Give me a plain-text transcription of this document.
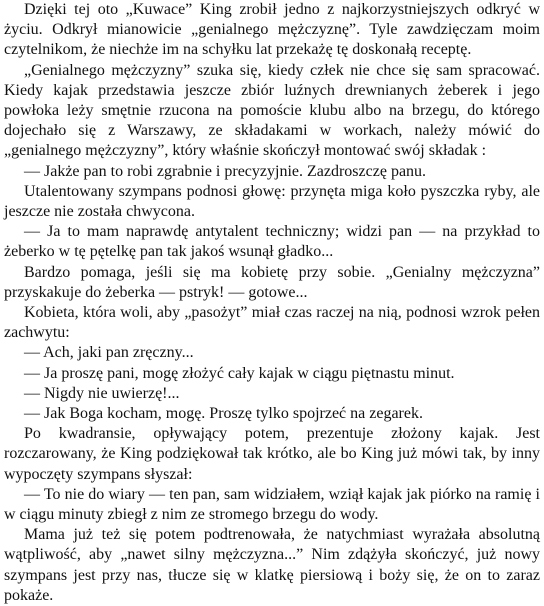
Dzięki tej oto „Kuwace” King zrobił jedno z najkorzystniejszych odkryć w życiu. Odkrył mianowicie „genialnego mężczyznę”. Tyle zawdzięczam moim czytelnikom, że niechże im na schyłku lat przekażę tę doskonałą receptę.

„Genialnego mężczyzny” szuka się, kiedy człek nie chce się sam spracować. Kiedy kajak przedstawia jeszcze zbiór luźnych drewnianych żeberek i jego powłoka leży smętnie rzucona na pomoście klubu albo na brzegu, do którego dojechało się z Warszawy, ze składakami w workach, należy mówić do „genialnego mężczyzny”, który właśnie skończył montować swój składak :

— Jakże pan to robi zgrabnie i precyzyjnie. Zazdroszczę panu.

Utalentowany szympans podnosi głowę: przynęta miga koło pyszczka ryby, ale jeszcze nie została chwycona.

— Ja to mam naprawdę antytalent techniczny; widzi pan — na przykład to żeberko w tę pętelkę pan tak jakoś wsunął gładko...

Bardzo pomaga, jeśli się ma kobietę przy sobie. „Genialny mężczyzna” przyskakuje do żeberka — pstryk! — gotowe...

Kobieta, która woli, aby „pasożyt” miał czas raczej na nią, podnosi wzrok pełen zachwytu:

— Ach, jaki pan zręczny...

— Ja proszę pani, mogę złożyć cały kajak w ciągu piętnastu minut.

— Nigdy nie uwierzę!...

— Jak Boga kocham, mogę. Proszę tylko spojrzeć na zegarek.

Po kwadransie, opływający potem, prezentuje złożony kajak. Jest rozczarowany, że King podziękował tak krótko, ale bo King już mówi tak, by inny wypoczęty szympans słyszał:

— To nie do wiary — ten pan, sam widziałem, wziął kajak jak piórko na ramię i w ciągu minuty zbiegł z nim ze stromego brzegu do wody.

Mama już też się potem podtrenowała, że natychmiast wyrażała absolutną wątpliwość, aby „nawet silny mężczyzna...” Nim zdążyła skończyć, już nowy szympans jest przy nas, tłucze się w klatkę piersiową i boży się, że on to zaraz pokaże.
